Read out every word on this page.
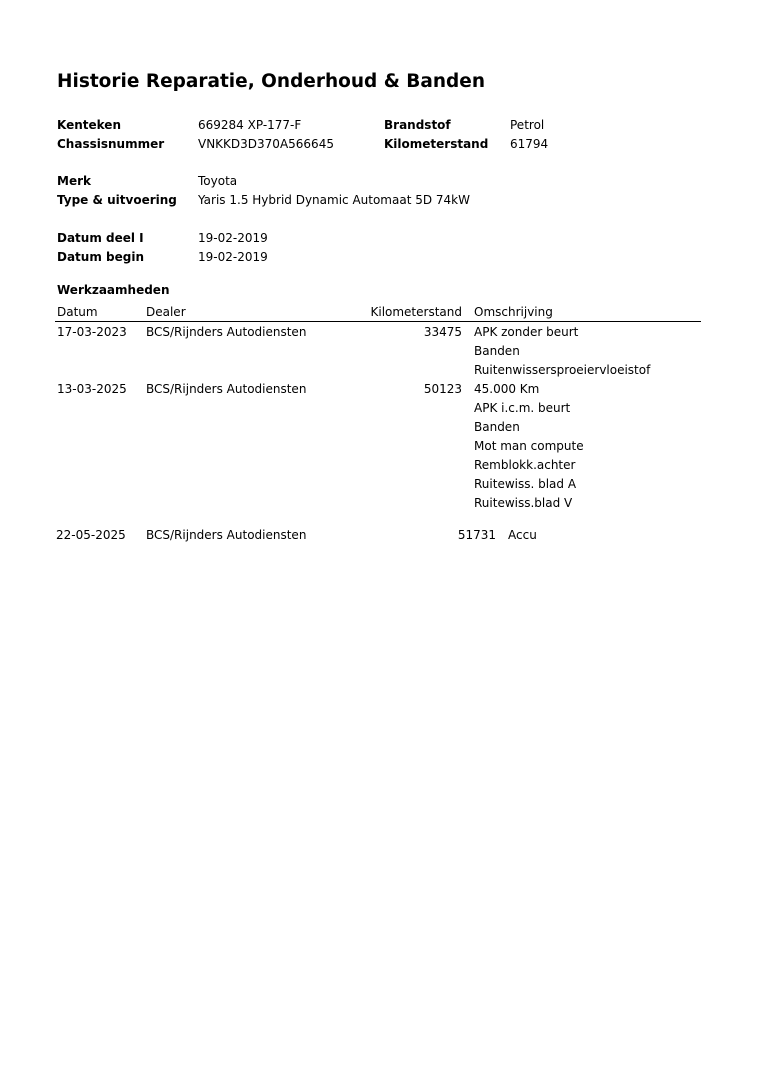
Historie Reparatie, Onderhoud & Banden
Kenteken	669284 XP-177-F	Brandstof	Petrol
Chassisnummer	VNKKD3D370A566645	Kilometerstand 61794
Merk	Toyota
Type & uitvoering Yaris 1.5 Hybrid Dynamic Automaat 5D 74kW
Datum deel I	19-02-2019
Datum begin	19-02-2019
Werkzaamheden
Datum	Dealer	Kilometerstand Omschrijving
17-03-2023 BCS/Rijnders Autodiensten	33475 APK zonder beurt
Banden
Ruitenwissersproeiervloeistof
13-03-2025 BCS/Rijnders Autodiensten	50123 45.000 Km
APK i.c.m. beurt
Banden
Mot man compute
Remblokk.achter
Ruitewiss. blad A
Ruitewiss.blad V
22-05-2025 BCS/Rijnders Autodiensten	51731 Accu
